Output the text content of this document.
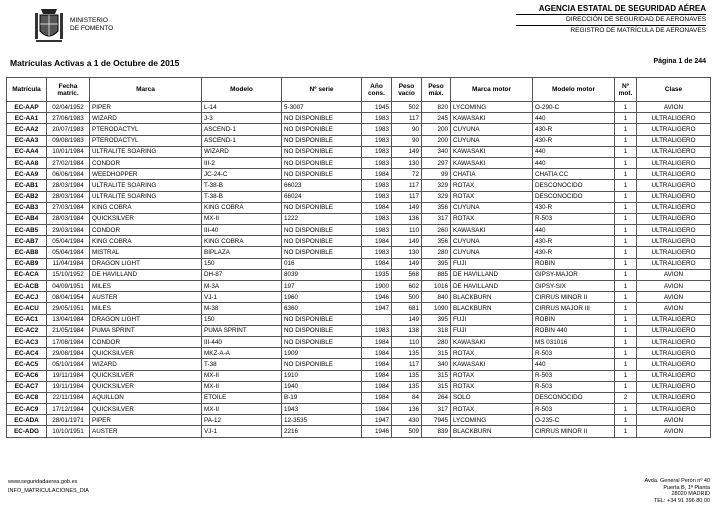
MINISTERIO
DE FOMENTO
AGENCIA ESTATAL DE SEGURIDAD AÉREA
DIRECCIÓN DE SEGURIDAD DE AERONAVES
REGISTRO DE MATRÍCULA DE AERONAVES
Matrículas Activas a 1 de Octubre de 2015	Página 1 de 244
Matrícula	Fecha matríc.	Marca	Modelo	Nº serie	Año cons.	Peso vacío	Peso máx.	Marca motor	Modelo motor	Nº mot.	Clase
EC-AAP	02/04/1952	PIPER	L-14	5-3007	1945	502	820	LYCOMING	O-290-C	1	AVION
EC-AA1	27/06/1983	WIZARD	J-3	NO DISPONIBLE	1983	117	245	KAWASAKI	440	1	ULTRALIGERO
EC-AA2	20/07/1983	PTERODACTYL	ASCEND-1	NO DISPONIBLE	1983	90	200	CUYUNA	430-R	1	ULTRALIGERO
EC-AA3	09/08/1983	PTERODACTYL	ASCEND-1	NO DISPONIBLE	1983	90	200	CUYUNA	430-R	1	ULTRALIGERO
EC-AA4	10/01/1984	ULTRALITE SOARING	WIZARD	NO DISPONIBLE	1983	149	340	KAWASAKI	440	1	ULTRALIGERO
EC-AA8	27/02/1984	CONDOR	III-2	NO DISPONIBLE	1983	130	297	KAWASAKI	440	1	ULTRALIGERO
EC-AA9	06/06/1984	WEEDHOPPER	JC-24-C	NO DISPONIBLE	1984	72	99	CHATIA	CHATIA CC	1	ULTRALIGERO
EC-AB1	28/03/1984	ULTRALITE SOARING	T-38-B	66023	1983	117	329	ROTAX	DESCONOCIDO	1	ULTRALIGERO
EC-AB2	28/03/1984	ULTRALITE SOARING	T-38-B	66024	1983	117	329	ROTAX	DESCONOCIDO	1	ULTRALIGERO
EC-AB3	27/03/1984	KING COBRA	KING COBRA	NO DISPONIBLE	1984	149	356	CUYUNA	430-R	1	ULTRALIGERO
EC-AB4	28/03/1984	QUICKSILVER	MX-II	1222	1983	136	317	ROTAX	R-503	1	ULTRALIGERO
EC-AB5	29/03/1984	CONDOR	III-40	NO DISPONIBLE	1983	110	260	KAWASAKI	440	1	ULTRALIGERO
EC-AB7	05/04/1984	KING COBRA	KING COBRA	NO DISPONIBLE	1984	149	356	CUYUNA	430-R	1	ULTRALIGERO
EC-AB8	05/04/1984	MISTRAL	BIPLAZA	NO DISPONIBLE	1983	130	280	CUYUNA	430-R	1	ULTRALIGERO
EC-AB9	11/04/1984	DRAGON LIGHT	150	016	1984	149	395	FUJI	ROBIN	1	ULTRALIGERO
EC-ACA	15/10/1952	DE HAVILLAND	DH-87	8039	1935	568	885	DE HAVILLAND	GIPSY-MAJOR	1	AVION
EC-ACB	04/09/1951	MILES	M-3A	197	1900	602	1016	DE HAVILLAND	GIPSY-SIX	1	AVION
EC-ACJ	08/04/1954	AUSTER	VJ-1	1960	1946	500	840	BLACKBURN	CIRRUS MINOR II	1	AVION
EC-ACU	29/05/1951	MILES	M-38	6360	1947	681	1090	BLACKBURN	CIRRUS MAJOR III	1	AVION
EC-AC1	13/04/1984	DRAGON LIGHT	150	NO DISPONIBLE		149	395	FUJI	ROBIN	1	ULTRALIGERO
EC-AC2	21/05/1984	PUMA SPRINT	PUMA SPRINT	NO DISPONIBLE	1983	138	318	FUJI	ROBIN 440	1	ULTRALIGERO
EC-AC3	17/08/1984	CONDOR	III-440	NO DISPONIBLE	1984	110	280	KAWASAKI	MS 031016	1	ULTRALIGERO
EC-AC4	29/08/1984	QUICKSILVER	MKZ-A-A	1909	1984	135	315	ROTAX	R-503	1	ULTRALIGERO
EC-AC5	05/10/1984	WIZARD	T-38	NO DISPONIBLE	1984	117	340	KAWASAKI	440	1	ULTRALIGERO
EC-AC6	19/11/1984	QUICKSILVER	MX-II	1910	1984	135	315	ROTAX	R-503	1	ULTRALIGERO
EC-AC7	19/11/1984	QUICKSILVER	MX-II	1940	1984	135	315	ROTAX	R-503	1	ULTRALIGERO
EC-AC8	22/11/1984	AQUILLON	ETOILE	B-19	1984	84	264	SOLO	DESCONOCIDO	2	ULTRALIGERO
EC-AC9	17/12/1984	QUICKSILVER	MX-II	1943	1984	136	317	ROTAX	R-503	1	ULTRALIGERO
EC-ADA	28/01/1971	PIPER	PA-12	12-3535	1947	430	7945	LYCOMING	O-235-C	1	AVION
EC-ADG	10/10/1951	AUSTER	VJ-1	2216	1946	509	839	BLACKBURN	CIRRUS MINOR II	1	AVION
www.seguridadaerea.gob.es
INFO_MATRICULACIONES_DIA
Avda. General Perón nº 40
Puerta B, 1ª Planta
28020 MADRID
TEL: +34 91 396 80 00
